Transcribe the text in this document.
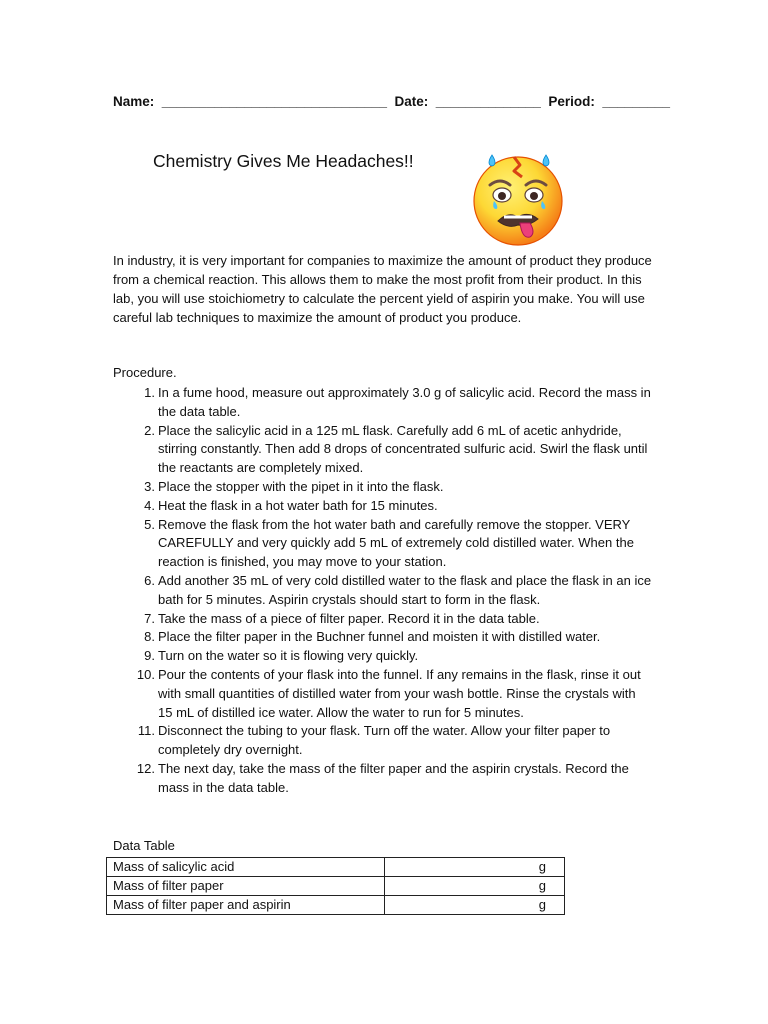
Name:  ______________________________  Date:  ______________  Period:  _________
Chemistry Gives Me Headaches!!
In industry, it is very important for companies to maximize the amount of product they produce from a chemical reaction. This allows them to make the most profit from their product. In this lab, you will use stoichiometry to calculate the percent yield of aspirin you make. You will use careful lab techniques to maximize the amount of product you produce.
Procedure.
1. In a fume hood, measure out approximately 3.0 g of salicylic acid. Record the mass in the data table.
2. Place the salicylic acid in a 125 mL flask. Carefully add 6 mL of acetic anhydride, stirring constantly. Then add 8 drops of concentrated sulfuric acid. Swirl the flask until the reactants are completely mixed.
3. Place the stopper with the pipet in it into the flask.
4. Heat the flask in a hot water bath for 15 minutes.
5. Remove the flask from the hot water bath and carefully remove the stopper. VERY CAREFULLY and very quickly add 5 mL of extremely cold distilled water. When the reaction is finished, you may move to your station.
6. Add another 35 mL of very cold distilled water to the flask and place the flask in an ice bath for 5 minutes. Aspirin crystals should start to form in the flask.
7. Take the mass of a piece of filter paper. Record it in the data table.
8. Place the filter paper in the Buchner funnel and moisten it with distilled water.
9. Turn on the water so it is flowing very quickly.
10. Pour the contents of your flask into the funnel. If any remains in the flask, rinse it out with small quantities of distilled water from your wash bottle. Rinse the crystals with 15 mL of distilled ice water. Allow the water to run for 5 minutes.
11. Disconnect the tubing to your flask. Turn off the water. Allow your filter paper to completely dry overnight.
12. The next day, take the mass of the filter paper and the aspirin crystals. Record the mass in the data table.
Data Table
Mass of salicylic acid	g
Mass of filter paper	g
Mass of filter paper and aspirin	g
